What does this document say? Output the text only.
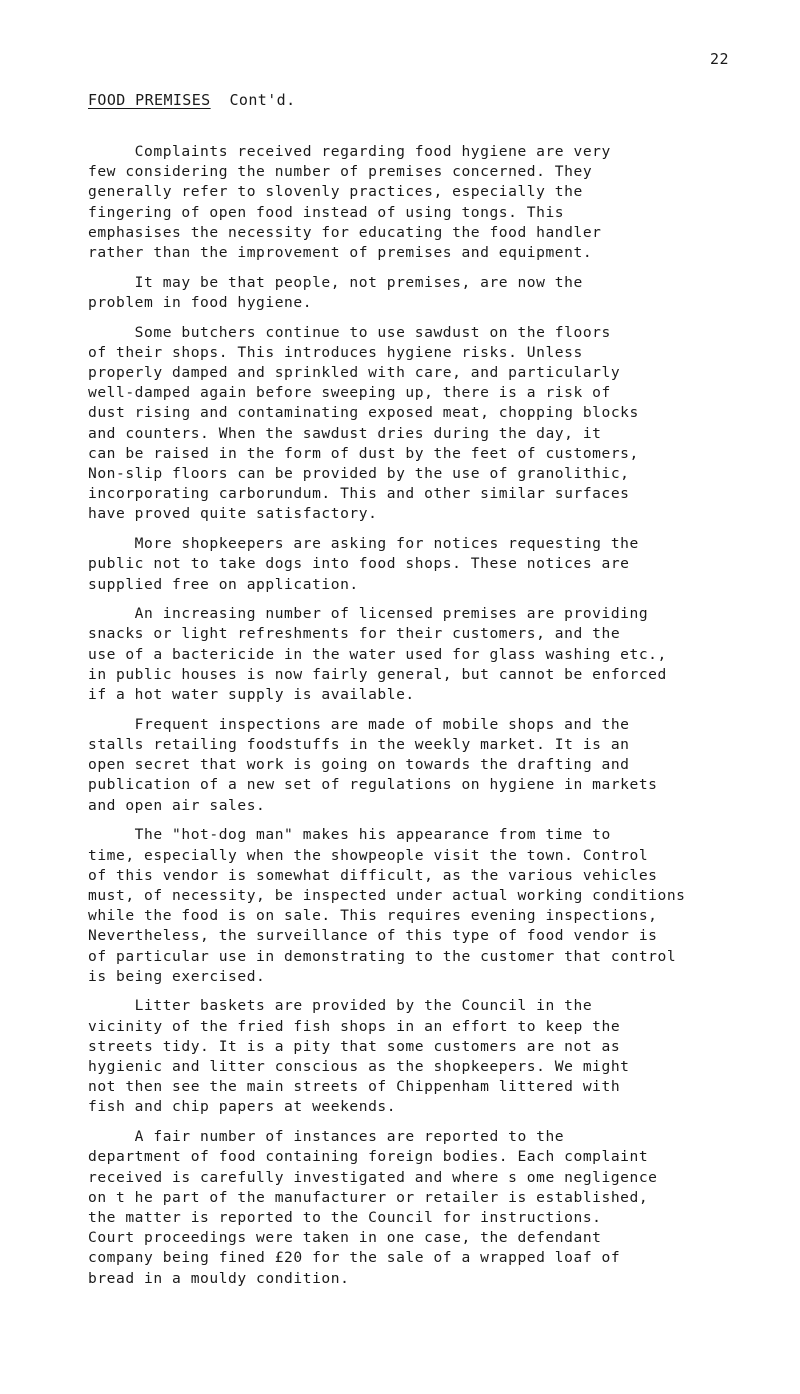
22
FOOD PREMISES Cont'd.
Complaints received regarding food hygiene are very
few considering the number of premises concerned. They
generally refer to slovenly practices, especially the
fingering of open food instead of using tongs. This
emphasises the necessity for educating the food handler
rather than the improvement of premises and equipment.
It may be that people, not premises, are now the
problem in food hygiene.
Some butchers continue to use sawdust on the floors
of their shops. This introduces hygiene risks. Unless
properly damped and sprinkled with care, and particularly
well-damped again before sweeping up, there is a risk of
dust rising and contaminating exposed meat, chopping blocks
and counters. When the sawdust dries during the day, it
can be raised in the form of dust by the feet of customers,
Non-slip floors can be provided by the use of granolithic,
incorporating carborundum. This and other similar surfaces
have proved quite satisfactory.
More shopkeepers are asking for notices requesting the
public not to take dogs into food shops. These notices are
supplied free on application.
An increasing number of licensed premises are providing
snacks or light refreshments for their customers, and the
use of a bactericide in the water used for glass washing etc.,
in public houses is now fairly general, but cannot be enforced
if a hot water supply is available.
Frequent inspections are made of mobile shops and the
stalls retailing foodstuffs in the weekly market. It is an
open secret that work is going on towards the drafting and
publication of a new set of regulations on hygiene in markets
and open air sales.
The "hot-dog man" makes his appearance from time to
time, especially when the showpeople visit the town. Control
of this vendor is somewhat difficult, as the various vehicles
must, of necessity, be inspected under actual working conditions
while the food is on sale. This requires evening inspections,
Nevertheless, the surveillance of this type of food vendor is
of particular use in demonstrating to the customer that control
is being exercised.
Litter baskets are provided by the Council in the
vicinity of the fried fish shops in an effort to keep the
streets tidy. It is a pity that some customers are not as
hygienic and litter conscious as the shopkeepers. We might
not then see the main streets of Chippenham littered with
fish and chip papers at weekends.
A fair number of instances are reported to the
department of food containing foreign bodies. Each complaint
received is carefully investigated and where s ome negligence
on t he part of the manufacturer or retailer is established,
the matter is reported to the Council for instructions.
Court proceedings were taken in one case, the defendant
company being fined £20 for the sale of a wrapped loaf of
bread in a mouldy condition.
